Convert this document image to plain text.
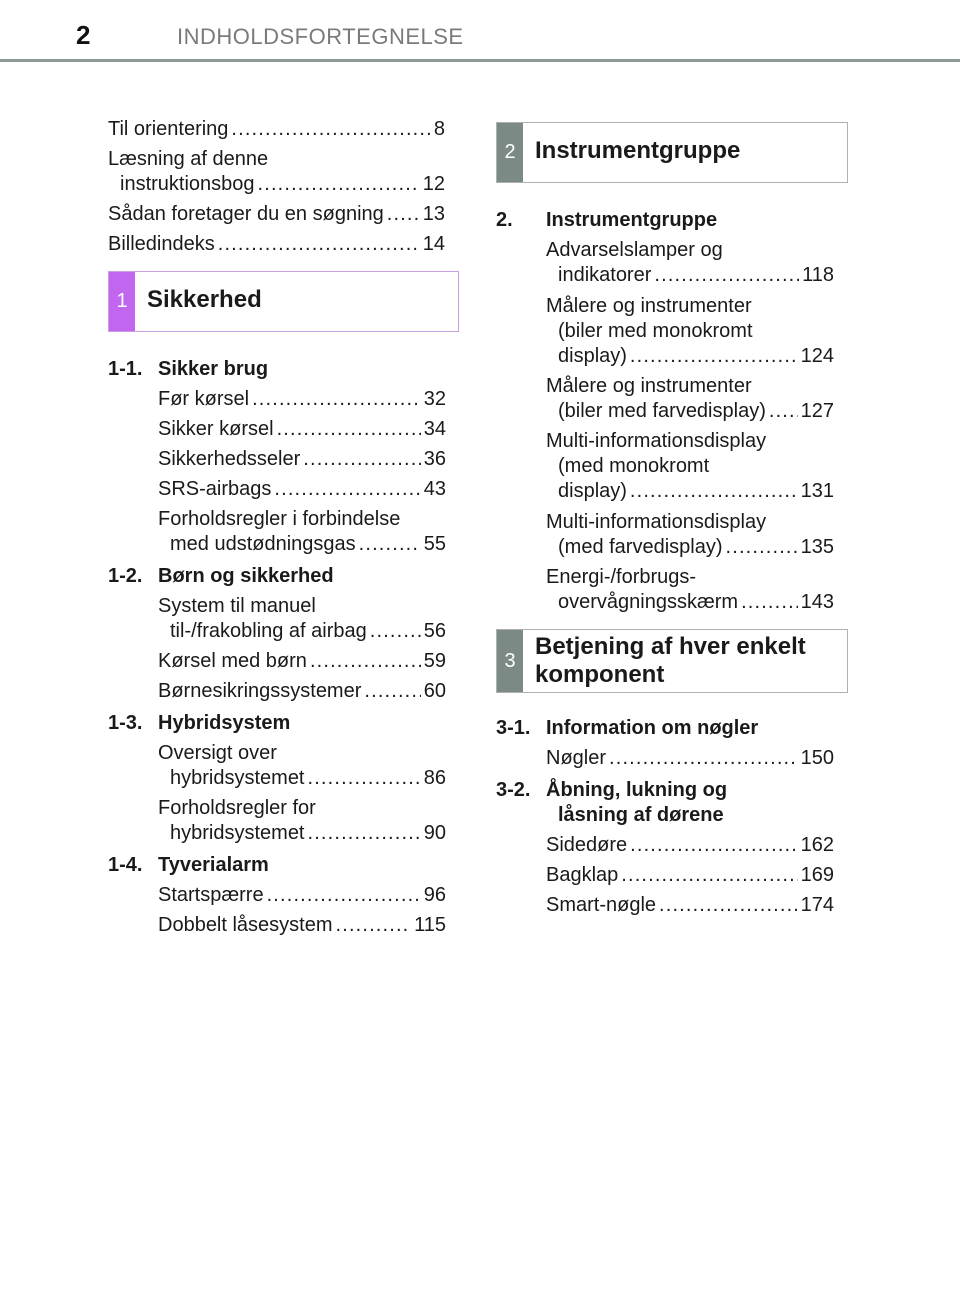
2	INDHOLDSFORTEGNELSE
Til orientering . . .	8
Læsning af denne
instruktionsbog . . .	12
Sådan foretager du en søgning . . . 13
Billedindeks . . .	14
1 Sikkerhed
1-1. Sikker brug
Før kørsel . . .	32
Sikker kørsel . . .	34
Sikkerhedsseler . . .	36
SRS-airbags . . .	43
Forholdsregler i forbindelse
med udstødningsgas . . .	55
1-2. Børn og sikkerhed
System til manuel
til-/frakobling af airbag . . .	56
Kørsel med børn . . .	59
Børnesikringssystemer . . .	60
1-3. Hybridsystem
Oversigt over
hybridsystemet . . .	86
Forholdsregler for
hybridsystemet . . .	90
1-4. Tyverialarm
Startspærre . . .	96
Dobbelt låsesystem . . .	115
2 Instrumentgruppe
2. Instrumentgruppe
Advarselslamper og
indikatorer . . .	118
Målere og instrumenter
(biler med monokromt
display) . . .	124
Målere og instrumenter
(biler med farvedisplay) . . . 127
Multi-informationsdisplay
(med monokromt
display) . . .	131
Multi-informationsdisplay
(med farvedisplay) . . .	135
Energi-/forbrugs-
overvågningsskærm . . .	143
3
Betjening af hver enkelt
komponent
3-1. Information om nøgler
Nøgler . . .	150
3-2. Åbning, lukning og
låsning af dørene
Sidedøre . . .	162
Bagklap . . .	169
Smart-nøgle . . .	174
